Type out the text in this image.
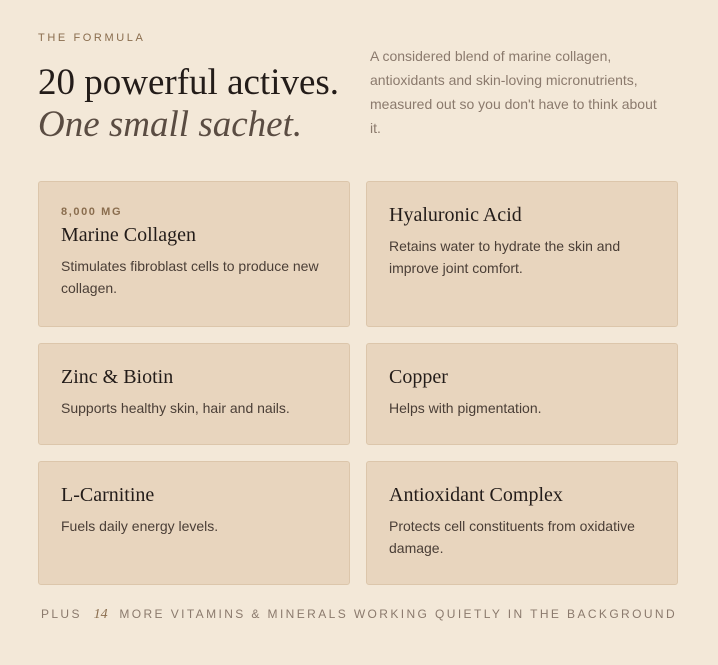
THE FORMULA
20 powerful actives.
One small sachet.

A considered blend of marine collagen, antioxidants and skin-loving micronutrients, measured out so you don't have to think about it.

8,000 MG
Marine Collagen
Stimulates fibroblast cells to produce new collagen.
Hyaluronic Acid
Retains water to hydrate the skin and improve joint comfort.
Zinc & Biotin
Supports healthy skin, hair and nails.
Copper
Helps with pigmentation.
L-Carnitine
Fuels daily energy levels.
Antioxidant Complex
Protects cell constituents from oxidative damage.
PLUS 14 MORE VITAMINS & MINERALS WORKING QUIETLY IN THE BACKGROUND
